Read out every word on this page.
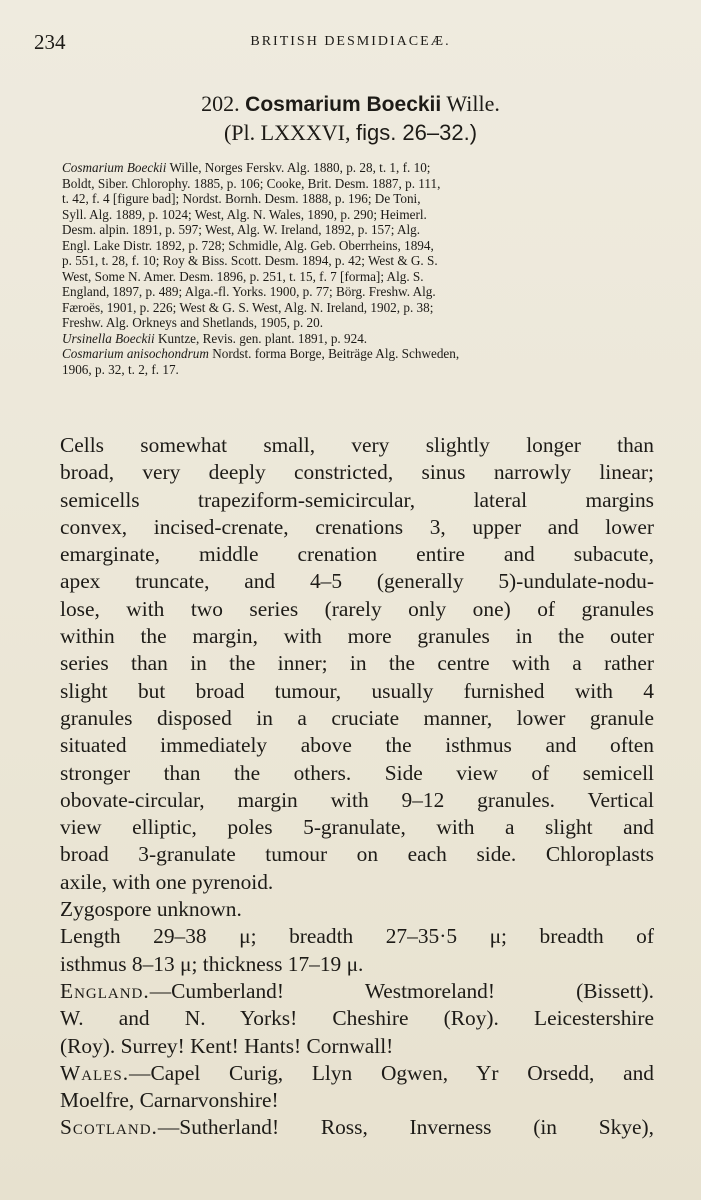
234	BRITISH DESMIDIACEÆ.
202. Cosmarium Boeckii Wille.
(Pl. LXXXVI, figs. 26–32.)
Cosmarium Boeckii Wille, Norges Ferskv. Alg. 1880, p. 28, t. 1, f. 10;
Boldt, Siber. Chlorophy. 1885, p. 106; Cooke, Brit. Desm. 1887, p. 111,
t. 42, f. 4 [figure bad]; Nordst. Bornh. Desm. 1888, p. 196; De Toni,
Syll. Alg. 1889, p. 1024; West, Alg. N. Wales, 1890, p. 290; Heimerl.
Desm. alpin. 1891, p. 597; West, Alg. W. Ireland, 1892, p. 157; Alg.
Engl. Lake Distr. 1892, p. 728; Schmidle, Alg. Geb. Oberrheins, 1894,
p. 551, t. 28, f. 10; Roy & Biss. Scott. Desm. 1894, p. 42; West & G. S.
West, Some N. Amer. Desm. 1896, p. 251, t. 15, f. 7 [forma]; Alg. S.
England, 1897, p. 489; Alga.-fl. Yorks. 1900, p. 77; Börg. Freshw. Alg.
Færoës, 1901, p. 226; West & G. S. West, Alg. N. Ireland, 1902, p. 38;
Freshw. Alg. Orkneys and Shetlands, 1905, p. 20.
Ursinella Boeckii Kuntze, Revis. gen. plant. 1891, p. 924.
Cosmarium anisochondrum Nordst. forma Borge, Beiträge Alg. Schweden,
1906, p. 32, t. 2, f. 17.
Cells somewhat small, very slightly longer than
broad, very deeply constricted, sinus narrowly linear;
semicells trapeziform-semicircular, lateral margins
convex, incised-crenate, crenations 3, upper and lower
emarginate, middle crenation entire and subacute,
apex truncate, and 4–5 (generally 5)-undulate-nodu-
lose, with two series (rarely only one) of granules
within the margin, with more granules in the outer
series than in the inner; in the centre with a rather
slight but broad tumour, usually furnished with 4
granules disposed in a cruciate manner, lower granule
situated immediately above the isthmus and often
stronger than the others. Side view of semicell
obovate-circular, margin with 9–12 granules. Vertical
view elliptic, poles 5-granulate, with a slight and
broad 3-granulate tumour on each side. Chloroplasts
axile, with one pyrenoid.
Zygospore unknown.
Length 29–38 μ; breadth 27–35·5 μ; breadth of
isthmus 8–13 μ; thickness 17–19 μ.
England.—Cumberland! Westmoreland! (Bissett).
W. and N. Yorks! Cheshire (Roy). Leicestershire
(Roy). Surrey! Kent! Hants! Cornwall!
Wales.—Capel Curig, Llyn Ogwen, Yr Orsedd, and
Moelfre, Carnarvonshire!
Scotland.—Sutherland! Ross, Inverness (in Skye),
